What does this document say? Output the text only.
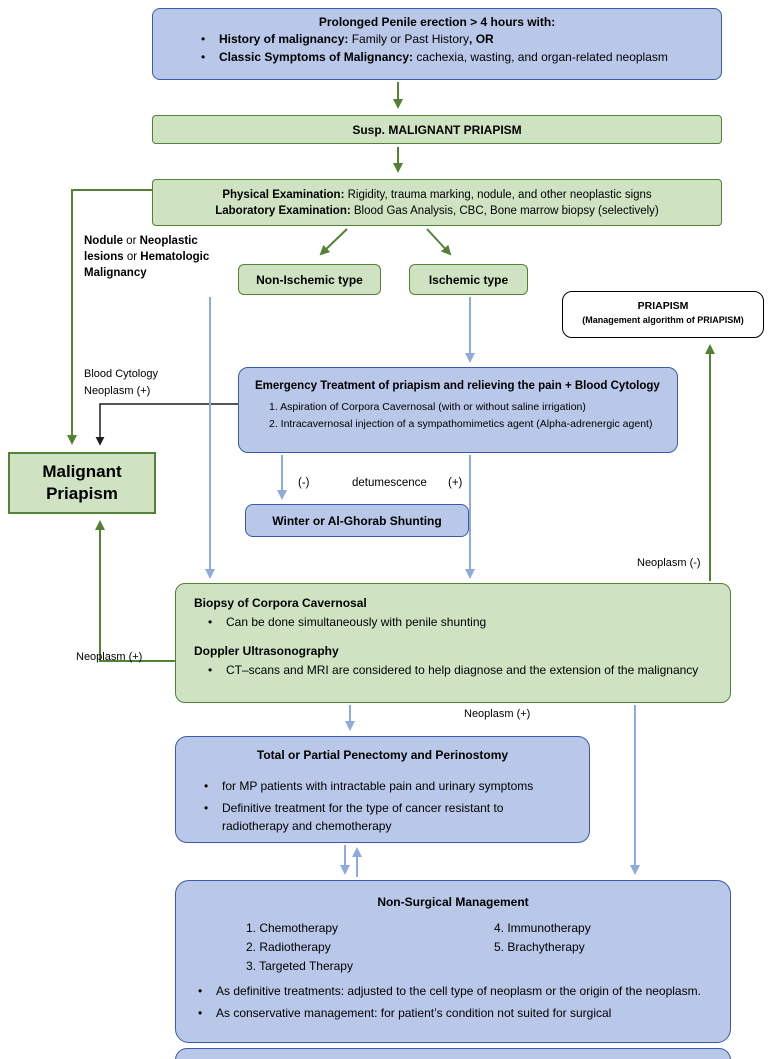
Prolonged Penile erection > 4 hours with:
• History of malignancy: Family or Past History, OR
• Classic Symptoms of Malignancy: cachexia, wasting, and organ-related neoplasm
Susp. MALIGNANT PRIAPISM
Physical Examination: Rigidity, trauma marking, nodule, and other neoplastic signs
Laboratory Examination: Blood Gas Analysis, CBC, Bone marrow biopsy (selectively)
Nodule or Neoplastic lesions or Hematologic Malignancy	Non-Ischemic type	Ischemic type
PRIAPISM
(Management algorithm of PRIAPISM)
Emergency Treatment of priapism and relieving the pain + Blood Cytology
1. Aspiration of Corpora Cavernosal (with or without saline irrigation)
2. Intracavernosal injection of a sympathomimetics agent (Alpha-adrenergic agent)
Blood Cytology
Neoplasm (+)
Malignant
Priapism
(-)	detumescence (+)
Winter or Al-Ghorab Shunting
Neoplasm (-)
Biopsy of Corpora Cavernosal
• Can be done simultaneously with penile shunting
Doppler Ultrasonography
• CT–scans and MRI are considered to help diagnose and the extension of the malignancy
Neoplasm (+)
Neoplasm (+)
Total or Partial Penectomy and Perinostomy
• for MP patients with intractable pain and urinary symptoms
• Definitive treatment for the type of cancer resistant to radiotherapy and chemotherapy
Non-Surgical Management
1. Chemotherapy
2. Radiotherapy
3. Targeted Therapy
4. Immunotherapy
5. Brachytherapy
• As definitive treatments: adjusted to the cell type of neoplasm or the origin of the neoplasm.
• As conservative management: for patient’s condition not suited for surgical
